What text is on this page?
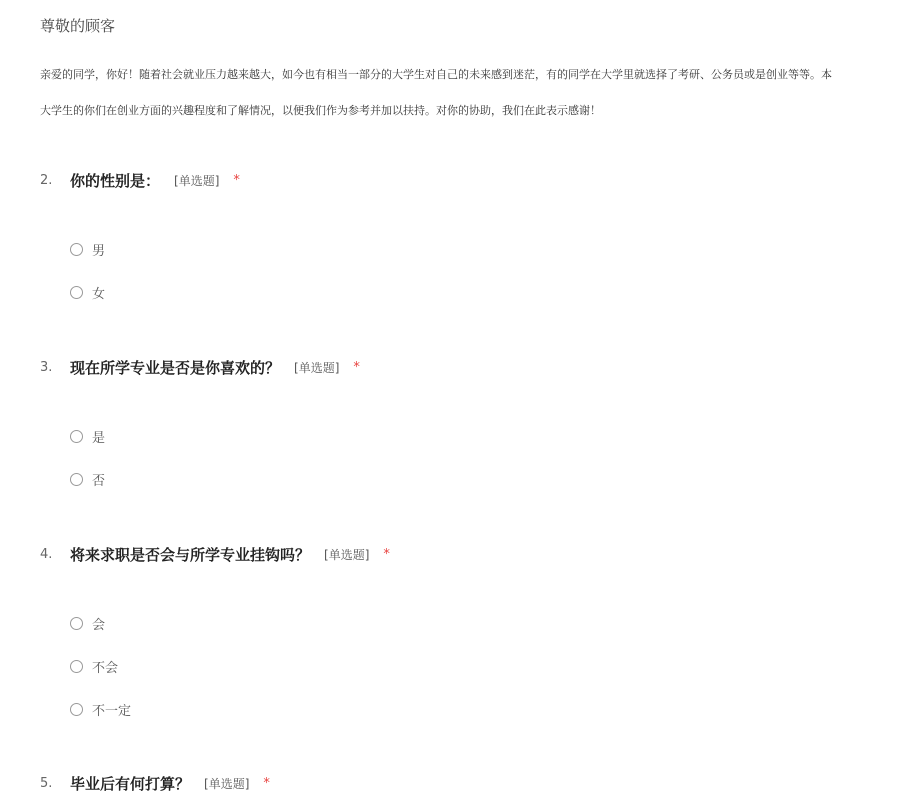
尊敬的顾客
亲爱的同学，你好！随着社会就业压力越来越大，如今也有相当一部分的大学生对自己的未来感到迷茫，有的同学在大学里就选择了考研、公务员或是创业等等。本
大学生的你们在创业方面的兴趣程度和了解情况，以便我们作为参考并加以扶持。对你的协助，我们在此表示感谢！
2.	你的性别是： [单选题] *
男
女
3.	现在所学专业是否是你喜欢的？ [单选题] *
是
否
4.	将来求职是否会与所学专业挂钩吗？ [单选题] *
会
不会
不一定
5.	毕业后有何打算？ [单选题] *
